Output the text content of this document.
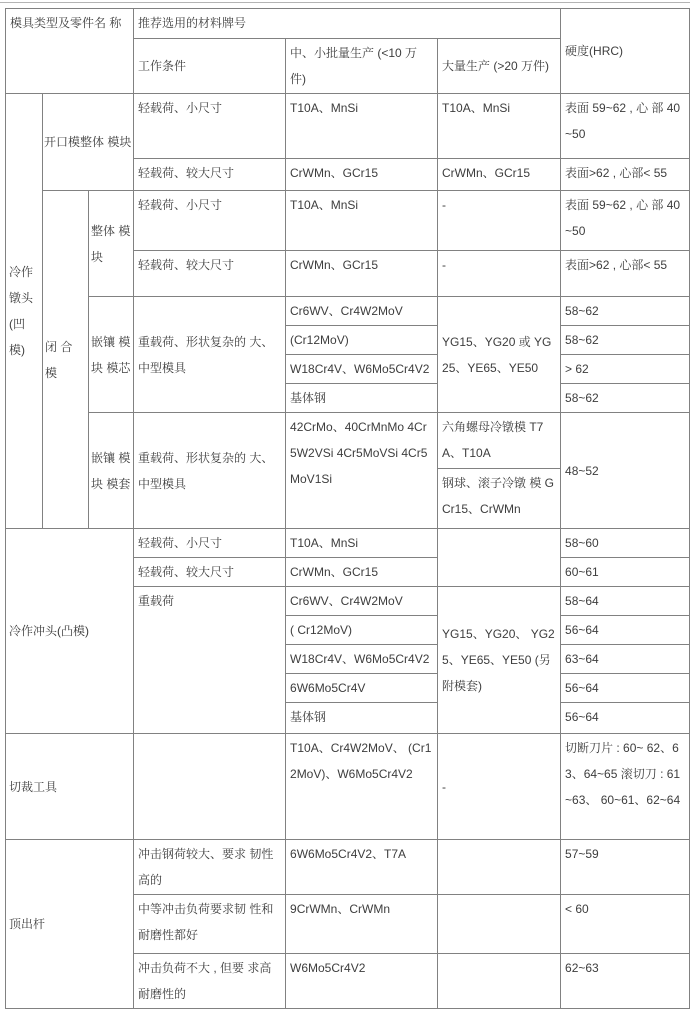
模具类型及零件名 称			推荐选用的材料牌号			硬度(HRC)
			工作条件	中、小批量生产 (<10 万件)	大量生产 (>20 万件)	
冷作 镦头 (凹 模)	开口模整体 模块		轻载荷、小尺寸	T10A、MnSi	T10A、MnSi	表面 59~62 , 心 部 40~50
			轻载荷、较大尺寸	CrWMn、GCr15	CrWMn、GCr15	表面>62 , 心部< 55
	闭 合 模	整体 模块	轻载荷、小尺寸	T10A、MnSi	-	表面 59~62 , 心 部 40~50
			轻载荷、较大尺寸	CrWMn、GCr15	-	表面>62 , 心部< 55
		嵌镶 模块 模芯	重载荷、形状复杂的 大、中型模具	Cr6WV、Cr4W2MoV	YG15、YG20 或 YG25、YE65、YE50	58~62
				(Cr12MoV)		58~62
				W18Cr4V、W6Mo5Cr4V2		> 62
				基体钢		58~62
		嵌镶 模块 模套	重载荷、形状复杂的 大、中型模具	42CrMo、40CrMnMo 4Cr5W2VSi 4Cr5MoVSi 4Cr5MoV1Si	六角螺母冷镦模 T7A、T10A	48~52
					钢球、滚子冷镦 模 GCr15、CrWMn	
冷作冲头(凸模)			轻载荷、小尺寸	T10A、MnSi		58~60
			轻载荷、较大尺寸	CrWMn、GCr15		60~61
			重载荷	Cr6WV、Cr4W2MoV	YG15、YG20、 YG25、YE65、YE50 (另附模套)	58~64
				( Cr12MoV)		56~64
				W18Cr4V、W6Mo5Cr4V2		63~64
				6W6Mo5Cr4V		56~64
				基体钢		56~64
切裁工具				T10A、Cr4W2MoV、 (Cr12MoV)、W6Mo5Cr4V2	-	切断刀片 : 60~ 62、63、64~65 滚切刀 : 61~63、 60~61、62~64
顶出杆			冲击钢荷较大、要求 韧性高的	6W6Mo5Cr4V2、T7A		57~59
			中等冲击负荷要求韧 性和耐磨性都好	9CrWMn、CrWMn		< 60
			冲击负荷不大 , 但要 求高耐磨性的	W6Mo5Cr4V2		62~63
